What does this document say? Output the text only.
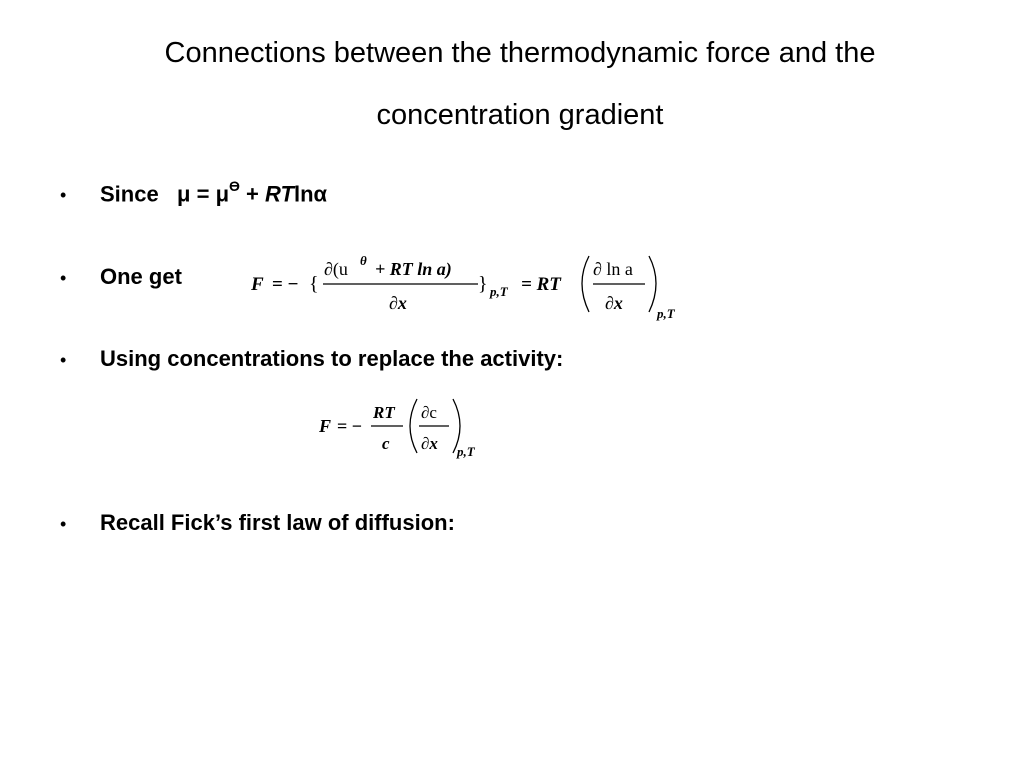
Connections between the thermodynamic force and the
concentration gradient
• Since $\mu = \mu^ϴ + RTln\alpha$
• One get	F = − {
∂(u θ + RT ln a)
∂x
} p,T = RT
∂ ln a
∂x
p,T
• Using concentrations to replace the activity:
F = −
RT
c
∂c
∂x p,T
• Recall Fick’s first law of diffusion:
